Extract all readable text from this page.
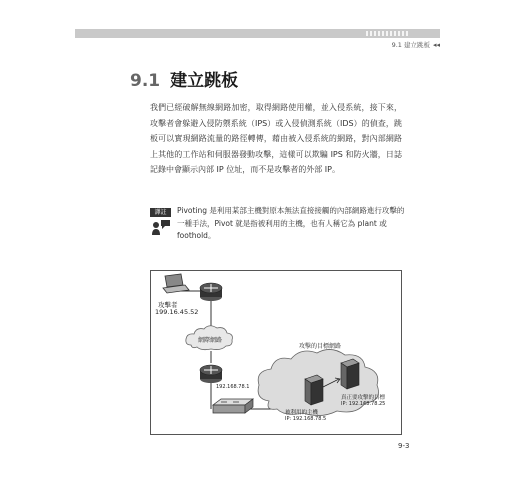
9.1 建立跳板 ◂◂
9.1 建立跳板
我們已經破解無線網路加密，取得網路使用權，並入侵系統，接下來，攻擊者會躲避入侵防禦系統（IPS）或入侵偵測系統（IDS）的偵查，跳板可以實現網路流量的路徑轉傳，藉由被入侵系統的網路，對內部網路上其他的工作站和伺服器發動攻擊，這樣可以欺騙 IPS 和防火牆，日誌記錄中會顯示內部 IP 位址，而不是攻擊者的外部 IP。
譯註	Pivoting 是利用某部主機對原本無法直接接觸的內部網路進行攻擊的一種手法，Pivot 就是指被利用的主機，也有人稱它為 plant 或 foothold。
攻擊者
199.16.45.52
網際網路
192.168.78.1
攻擊的目標網路
被利用的主機
IP: 192.168.78.5
真正要攻擊的目標
IP: 192.168.78.25
9-3
